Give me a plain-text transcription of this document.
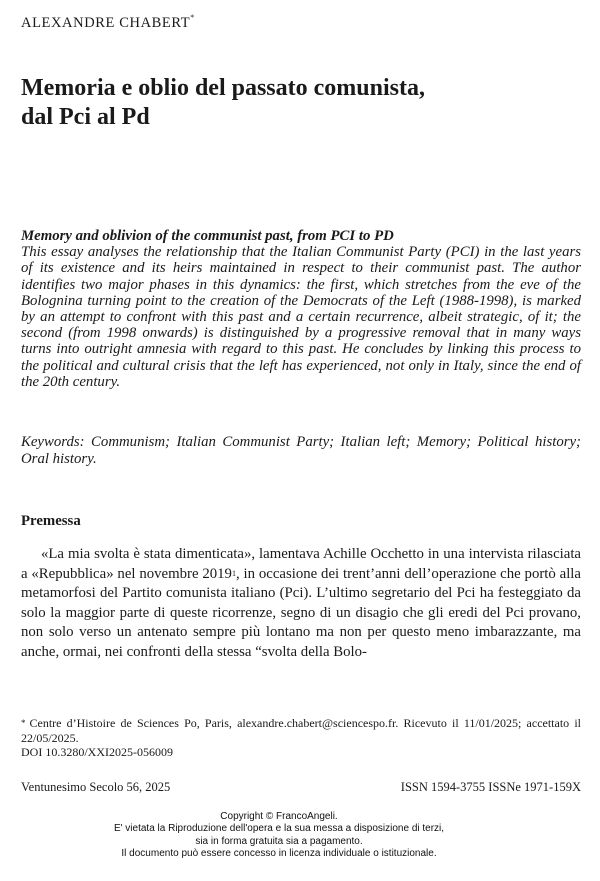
ALEXANDRE CHABERT*
Memoria e oblio del passato comunista,
dal Pci al Pd
Memory and oblivion of the communist past, from PCI to PD
This essay analyses the relationship that the Italian Communist Party (PCI) in the last years of its existence and its heirs maintained in respect to their communist past. The author identifies two major phases in this dynamics: the first, which stretches from the eve of the Bolognina turning point to the creation of the Democrats of the Left (1988-1998), is marked by an attempt to confront with this past and a certain recurrence, albeit strategic, of it; the second (from 1998 onwards) is distinguished by a progressive removal that in many ways turns into outright amnesia with regard to this past. He concludes by linking this process to the political and cultural crisis that the left has experienced, not only in Italy, since the end of the 20th century.
Keywords: Communism; Italian Communist Party; Italian left; Memory; Political history; Oral history.
Premessa

«La mia svolta è stata dimenticata», lamentava Achille Occhetto in una intervista rilasciata a «Repubblica» nel novembre 2019$^1$, in occasione dei trent’anni dell’operazione che portò alla metamorfosi del Partito comunista italiano (Pci). L’ultimo segretario del Pci ha festeggiato da solo la maggior parte di queste ricorrenze, segno di un disagio che gli eredi del Pci provano, non solo verso un antenato sempre più lontano ma non per questo meno imbarazzante, ma anche, ormai, nei confronti della stessa “svolta della Bolo-

* Centre d’Histoire de Sciences Po, Paris, alexandre.chabert@sciencespo.fr. Ricevuto il 11/01/2025; accettato il 22/05/2025.
DOI 10.3280/XXI2025-056009
Ventunesimo Secolo 56, 2025	ISSN 1594-3755 ISSNe 1971-159X
Copyright © FrancoAngeli.
E' vietata la Riproduzione dell'opera e la sua messa a disposizione di terzi,
sia in forma gratuita sia a pagamento.
Il documento può essere concesso in licenza individuale o istituzionale.
